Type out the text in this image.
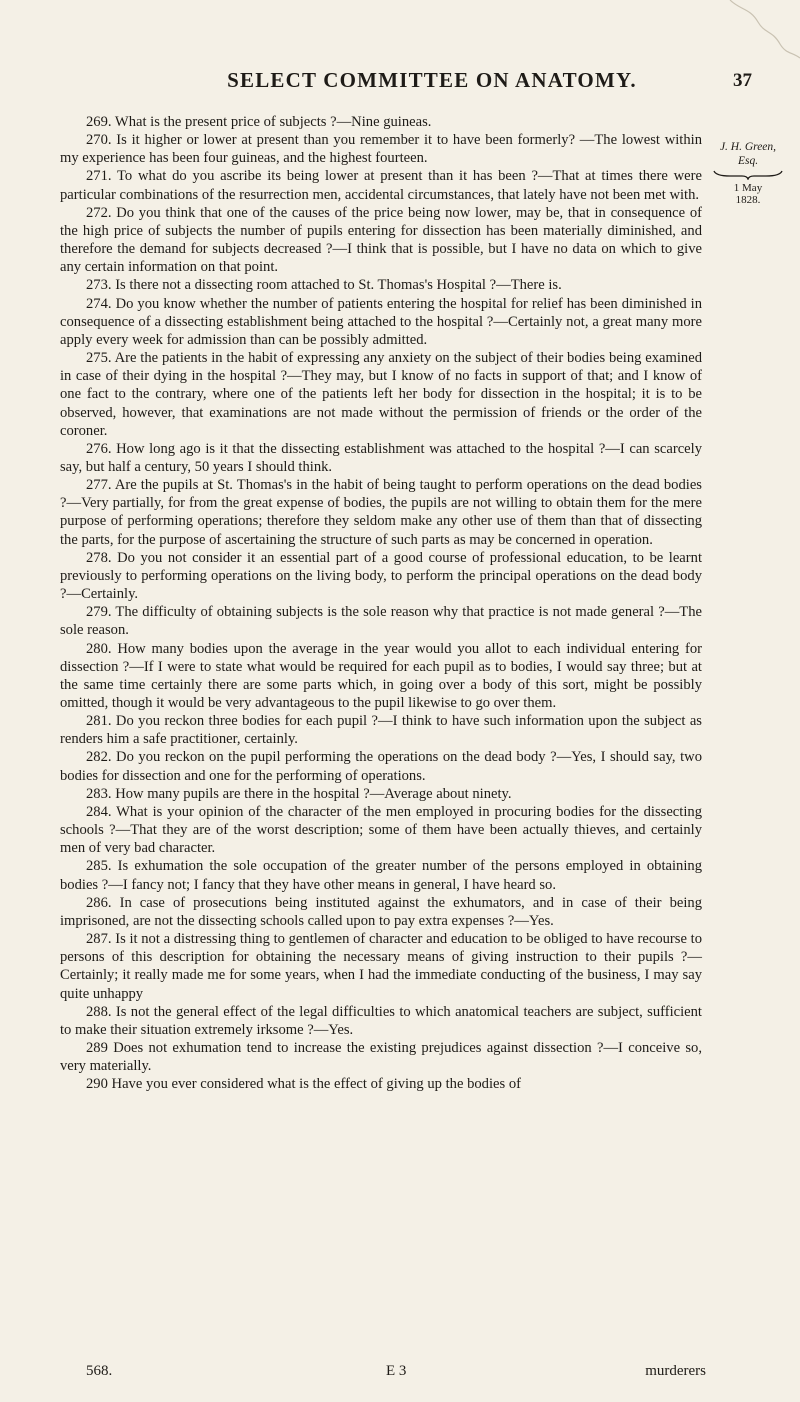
SELECT COMMITTEE ON ANATOMY.	37
J. H. Green,
Esq.
1 May
1828.

269. What is the present price of subjects ?—Nine guineas.

270. Is it higher or lower at present than you remember it to have been formerly? —The lowest within my experience has been four guineas, and the highest fourteen.

271. To what do you ascribe its being lower at present than it has been ?—That at times there were particular combinations of the resurrection men, accidental circumstances, that lately have not been met with.

272. Do you think that one of the causes of the price being now lower, may be, that in consequence of the high price of subjects the number of pupils entering for dissection has been materially diminished, and therefore the demand for subjects decreased ?—I think that is possible, but I have no data on which to give any certain information on that point.

273. Is there not a dissecting room attached to St. Thomas's Hospital ?—There is.

274. Do you know whether the number of patients entering the hospital for relief has been diminished in consequence of a dissecting establishment being attached to the hospital ?—Certainly not, a great many more apply every week for admission than can be possibly admitted.

275. Are the patients in the habit of expressing any anxiety on the subject of their bodies being examined in case of their dying in the hospital ?—They may, but I know of no facts in support of that; and I know of one fact to the contrary, where one of the patients left her body for dissection in the hospital; it is to be observed, however, that examinations are not made without the permission of friends or the order of the coroner.

276. How long ago is it that the dissecting establishment was attached to the hospital ?—I can scarcely say, but half a century, 50 years I should think.

277. Are the pupils at St. Thomas's in the habit of being taught to perform operations on the dead bodies ?—Very partially, for from the great expense of bodies, the pupils are not willing to obtain them for the mere purpose of performing operations; therefore they seldom make any other use of them than that of dissecting the parts, for the purpose of ascertaining the structure of such parts as may be concerned in operation.

278. Do you not consider it an essential part of a good course of professional education, to be learnt previously to performing operations on the living body, to perform the principal operations on the dead body ?—Certainly.

279. The difficulty of obtaining subjects is the sole reason why that practice is not made general ?—The sole reason.

280. How many bodies upon the average in the year would you allot to each individual entering for dissection ?—If I were to state what would be required for each pupil as to bodies, I would say three; but at the same time certainly there are some parts which, in going over a body of this sort, might be possibly omitted, though it would be very advantageous to the pupil likewise to go over them.

281. Do you reckon three bodies for each pupil ?—I think to have such information upon the subject as renders him a safe practitioner, certainly.

282. Do you reckon on the pupil performing the operations on the dead body ?—Yes, I should say, two bodies for dissection and one for the performing of operations.

283. How many pupils are there in the hospital ?—Average about ninety.

284. What is your opinion of the character of the men employed in procuring bodies for the dissecting schools ?—That they are of the worst description; some of them have been actually thieves, and certainly men of very bad character.

285. Is exhumation the sole occupation of the greater number of the persons employed in obtaining bodies ?—I fancy not; I fancy that they have other means in general, I have heard so.

286. In case of prosecutions being instituted against the exhumators, and in case of their being imprisoned, are not the dissecting schools called upon to pay extra expenses ?—Yes.

287. Is it not a distressing thing to gentlemen of character and education to be obliged to have recourse to persons of this description for obtaining the necessary means of giving instruction to their pupils ?—Certainly; it really made me for some years, when I had the immediate conducting of the business, I may say quite unhappy

288. Is not the general effect of the legal difficulties to which anatomical teachers are subject, sufficient to make their situation extremely irksome ?—Yes.

289 Does not exhumation tend to increase the existing prejudices against dissection ?—I conceive so, very materially.

290 Have you ever considered what is the effect of giving up the bodies of

568.	E 3	murderers
